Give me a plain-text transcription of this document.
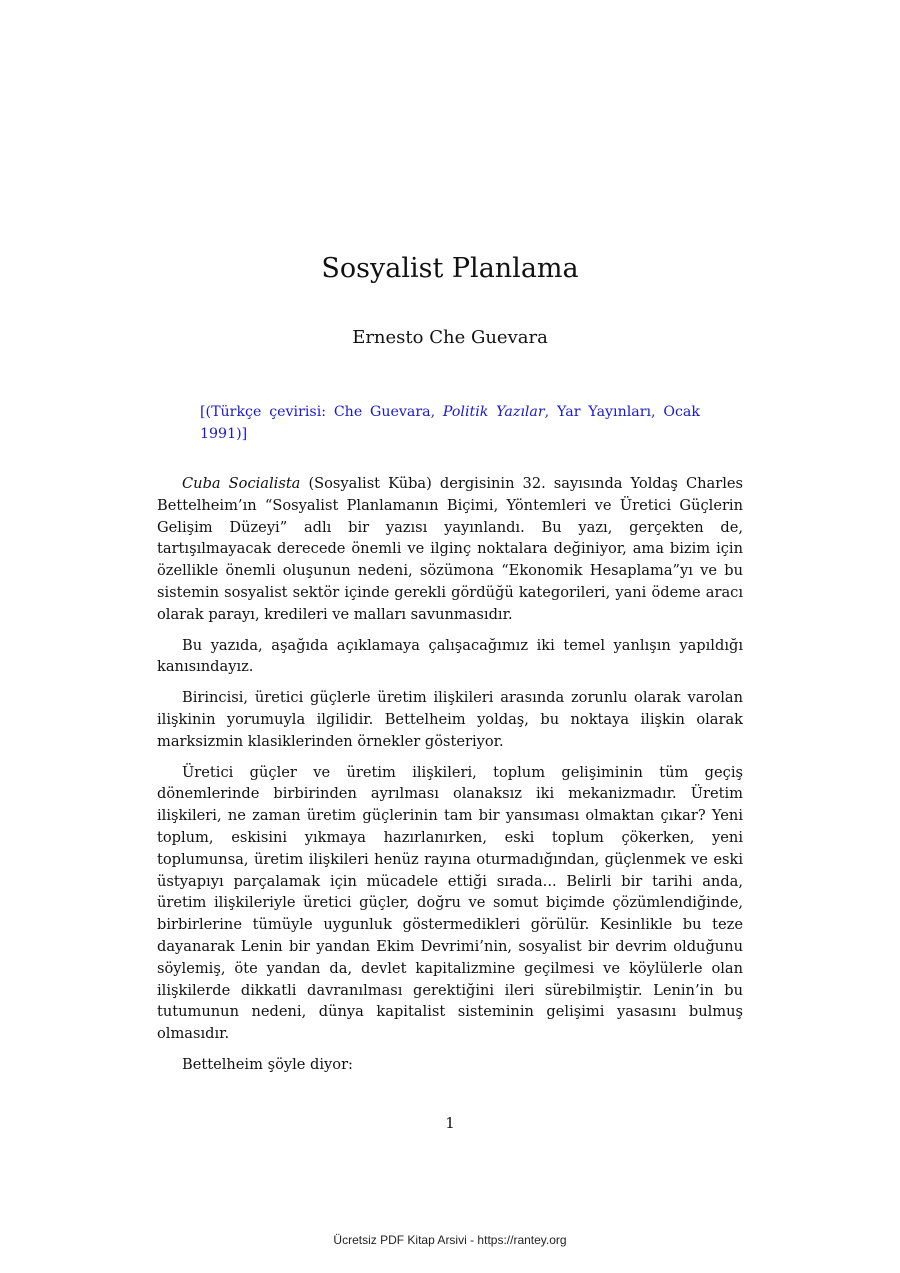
Sosyalist Planlama
Ernesto Che Guevara

[(Türkçe çevirisi: Che Guevara, Politik Yazılar, Yar Yayınları, Ocak 1991)]

Cuba Socialista (Sosyalist Küba) dergisinin 32. sayısında Yoldaş Charles Bettelheim’ın “Sosyalist Planlamanın Biçimi, Yöntemleri ve Üretici Güçlerin Gelişim Düzeyi” adlı bir yazısı yayınlandı. Bu yazı, gerçekten de, tartışılmayacak derecede önemli ve ilginç noktalara değiniyor, ama bizim için özellikle önemli oluşunun nedeni, sözümona “Ekonomik Hesaplama”yı ve bu sistemin sosyalist sektör içinde gerekli gördüğü kategorileri, yani ödeme aracı olarak parayı, kredileri ve malları savunmasıdır.

Bu yazıda, aşağıda açıklamaya çalışacağımız iki temel yanlışın yapıldığı kanısındayız.

Birincisi, üretici güçlerle üretim ilişkileri arasında zorunlu olarak varolan ilişkinin yorumuyla ilgilidir. Bettelheim yoldaş, bu noktaya ilişkin olarak marksizmin klasiklerinden örnekler gösteriyor.

Üretici güçler ve üretim ilişkileri, toplum gelişiminin tüm geçiş dönemlerinde birbirinden ayrılması olanaksız iki mekanizmadır. Üretim ilişkileri, ne zaman üretim güçlerinin tam bir yansıması olmaktan çıkar? Yeni toplum, eskisini yıkmaya hazırlanırken, eski toplum çökerken, yeni toplumunsa, üretim ilişkileri henüz rayına oturmadığından, güçlenmek ve eski üstyapıyı parçalamak için mücadele ettiği sırada... Belirli bir tarihi anda, üretim ilişkileriyle üretici güçler, doğru ve somut biçimde çözümlendiğinde, birbirlerine tümüyle uygunluk göstermedikleri görülür. Kesinlikle bu teze dayanarak Lenin bir yandan Ekim Devrimi’nin, sosyalist bir devrim olduğunu söylemiş, öte yandan da, devlet kapitalizmine geçilmesi ve köylülerle olan ilişkilerde dikkatli davranılması gerektiğini ileri sürebilmiştir. Lenin’in bu tutumunun nedeni, dünya kapitalist sisteminin gelişimi yasasını bulmuş olmasıdır.

Bettelheim şöyle diyor:

1
Ücretsiz PDF Kitap Arsivi - https://rantey.org
